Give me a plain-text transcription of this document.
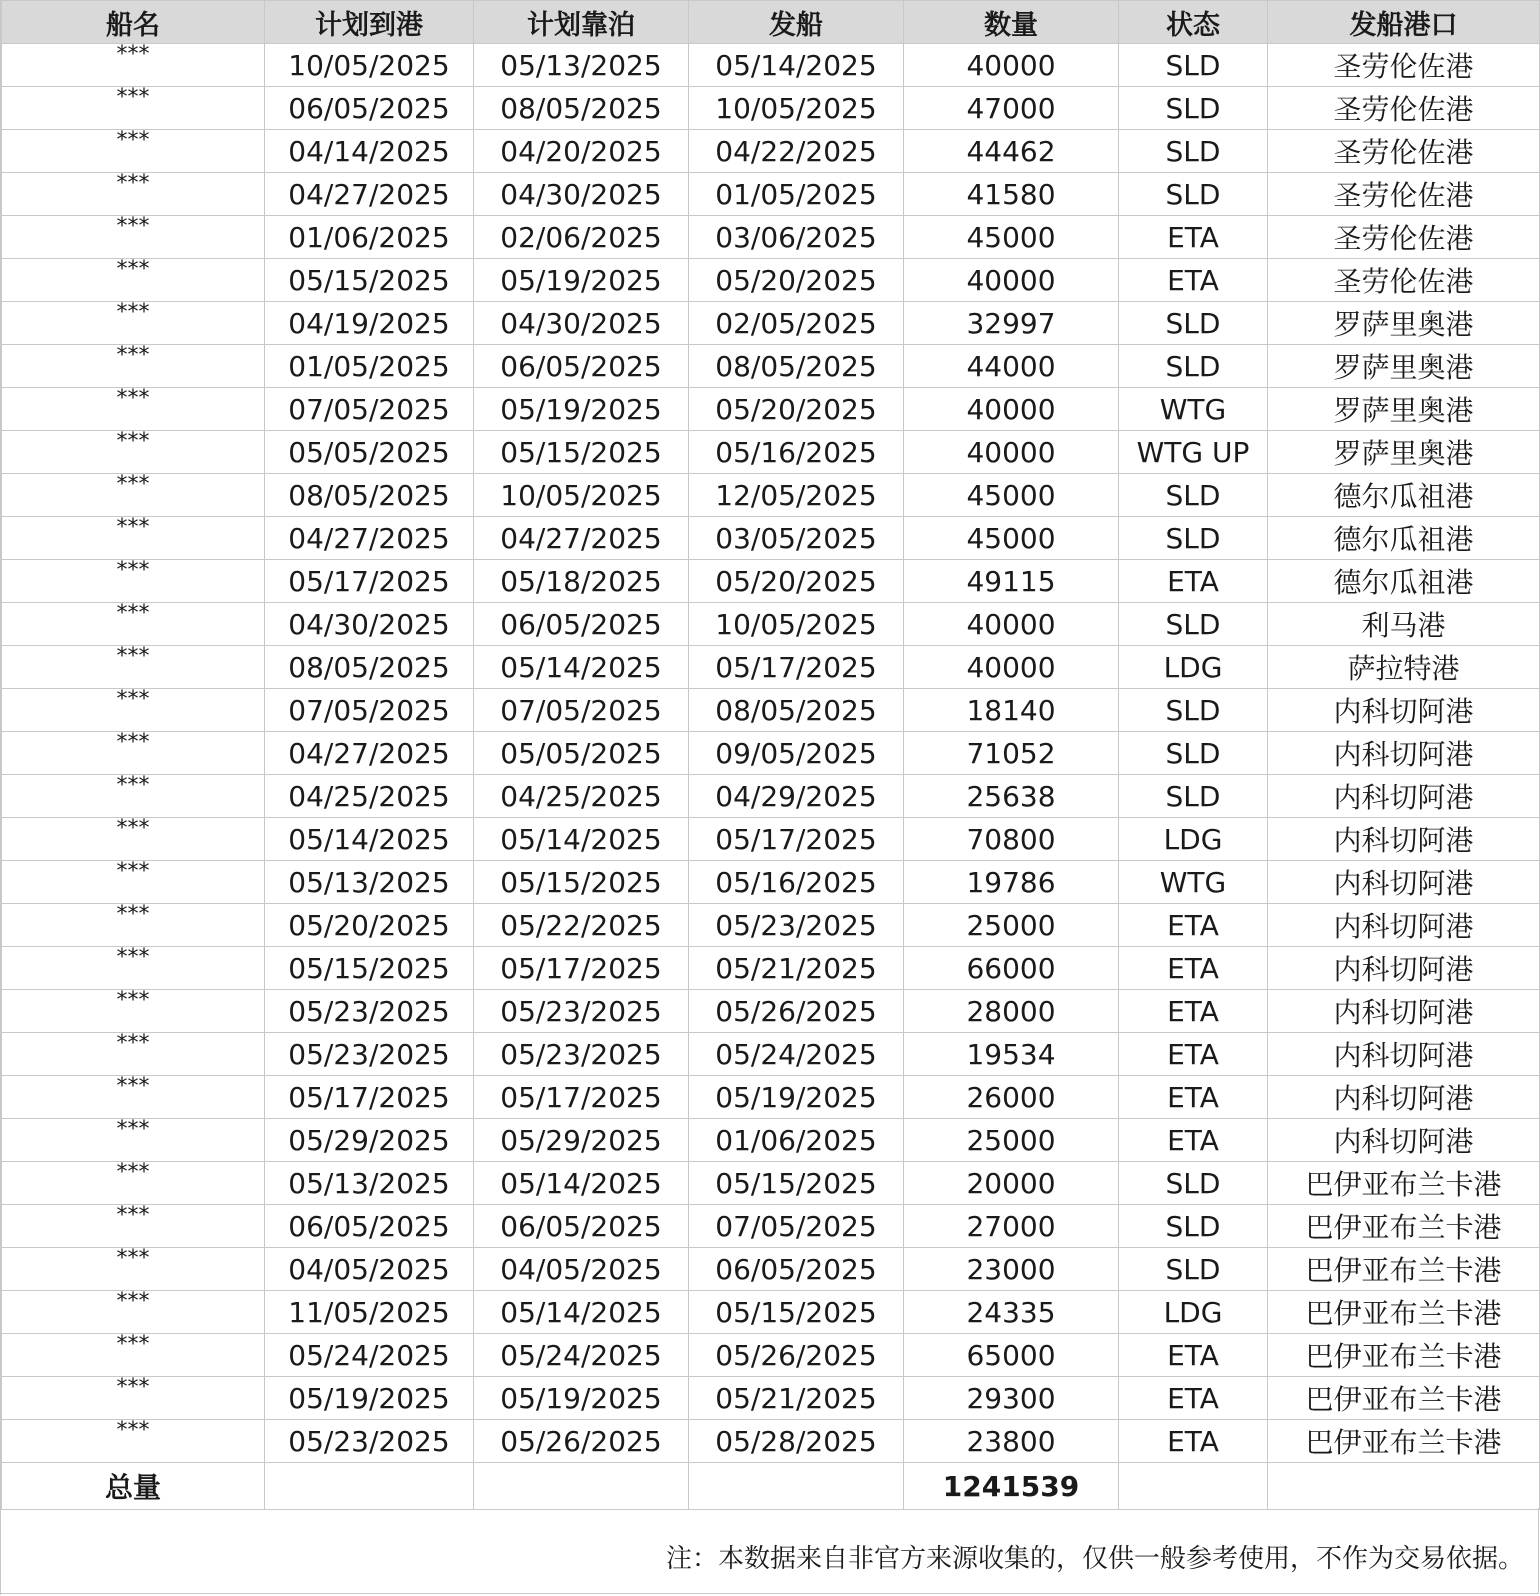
船名	计划到港	计划靠泊	发船	数量	状态	发船港口
***	10/05/2025	05/13/2025	05/14/2025	40000	SLD	圣劳伦佐港
***	06/05/2025	08/05/2025	10/05/2025	47000	SLD	圣劳伦佐港
***	04/14/2025	04/20/2025	04/22/2025	44462	SLD	圣劳伦佐港
***	04/27/2025	04/30/2025	01/05/2025	41580	SLD	圣劳伦佐港
***	01/06/2025	02/06/2025	03/06/2025	45000	ETA	圣劳伦佐港
***	05/15/2025	05/19/2025	05/20/2025	40000	ETA	圣劳伦佐港
***	04/19/2025	04/30/2025	02/05/2025	32997	SLD	罗萨里奥港
***	01/05/2025	06/05/2025	08/05/2025	44000	SLD	罗萨里奥港
***	07/05/2025	05/19/2025	05/20/2025	40000	WTG	罗萨里奥港
***	05/05/2025	05/15/2025	05/16/2025	40000	WTG UP	罗萨里奥港
***	08/05/2025	10/05/2025	12/05/2025	45000	SLD	德尔瓜祖港
***	04/27/2025	04/27/2025	03/05/2025	45000	SLD	德尔瓜祖港
***	05/17/2025	05/18/2025	05/20/2025	49115	ETA	德尔瓜祖港
***	04/30/2025	06/05/2025	10/05/2025	40000	SLD	利马港
***	08/05/2025	05/14/2025	05/17/2025	40000	LDG	萨拉特港
***	07/05/2025	07/05/2025	08/05/2025	18140	SLD	内科切阿港
***	04/27/2025	05/05/2025	09/05/2025	71052	SLD	内科切阿港
***	04/25/2025	04/25/2025	04/29/2025	25638	SLD	内科切阿港
***	05/14/2025	05/14/2025	05/17/2025	70800	LDG	内科切阿港
***	05/13/2025	05/15/2025	05/16/2025	19786	WTG	内科切阿港
***	05/20/2025	05/22/2025	05/23/2025	25000	ETA	内科切阿港
***	05/15/2025	05/17/2025	05/21/2025	66000	ETA	内科切阿港
***	05/23/2025	05/23/2025	05/26/2025	28000	ETA	内科切阿港
***	05/23/2025	05/23/2025	05/24/2025	19534	ETA	内科切阿港
***	05/17/2025	05/17/2025	05/19/2025	26000	ETA	内科切阿港
***	05/29/2025	05/29/2025	01/06/2025	25000	ETA	内科切阿港
***	05/13/2025	05/14/2025	05/15/2025	20000	SLD	巴伊亚布兰卡港
***	06/05/2025	06/05/2025	07/05/2025	27000	SLD	巴伊亚布兰卡港
***	04/05/2025	04/05/2025	06/05/2025	23000	SLD	巴伊亚布兰卡港
***	11/05/2025	05/14/2025	05/15/2025	24335	LDG	巴伊亚布兰卡港
***	05/24/2025	05/24/2025	05/26/2025	65000	ETA	巴伊亚布兰卡港
***	05/19/2025	05/19/2025	05/21/2025	29300	ETA	巴伊亚布兰卡港
***	05/23/2025	05/26/2025	05/28/2025	23800	ETA	巴伊亚布兰卡港
总量				1241539		
注：本数据来自非官方来源收集的，仅供一般参考使用，不作为交易依据。
